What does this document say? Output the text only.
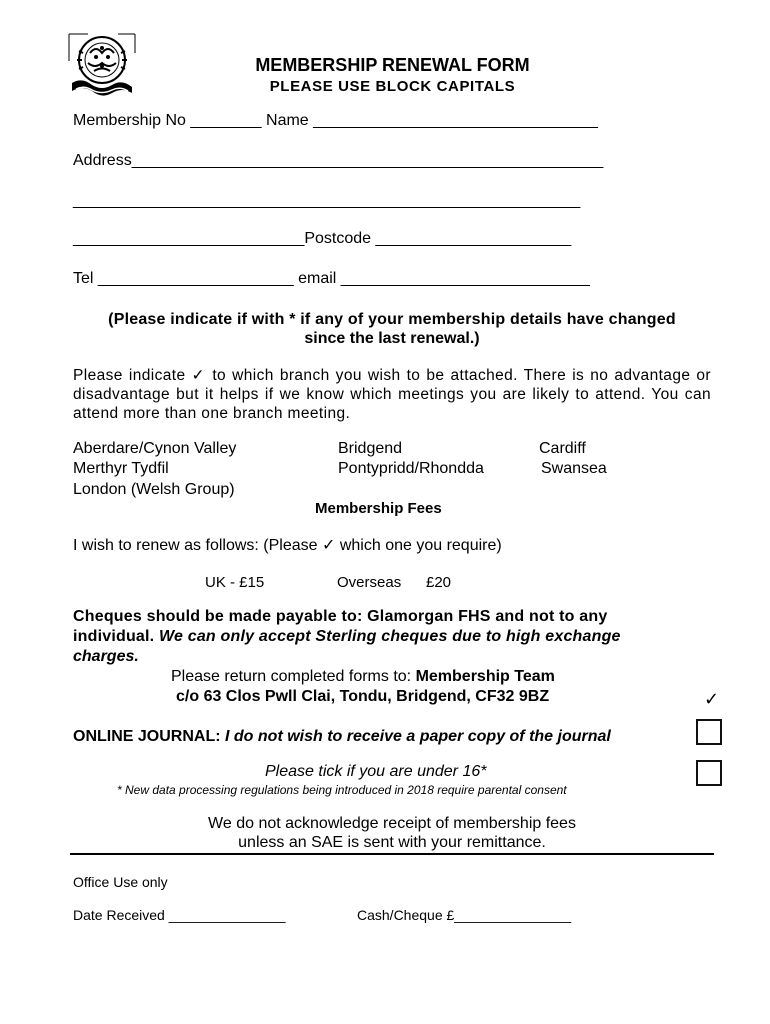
MEMBERSHIP RENEWAL FORM
PLEASE USE BLOCK CAPITALS
Membership No ________ Name ________________________________
Address_____________________________________________________
_________________________________________________________
__________________________Postcode ______________________
Tel ______________________ email ____________________________
(Please indicate if with * if any of your membership details have changed
since the last renewal.)
Please indicate ✓ to which branch you wish to be attached. There is no advantage or disadvantage but it helps if we know which meetings you are likely to attend. You can attend more than one branch meeting.
Aberdare/Cynon Valley	Bridgend	Cardiff
Merthyr Tydfil	Pontypridd/Rhondda	Swansea
London (Welsh Group)
Membership Fees
I wish to renew as follows: (Please ✓ which one you require)
UK - £15	Overseas £20
Cheques should be made payable to: Glamorgan FHS and not to any
individual. We can only accept Sterling cheques due to high exchange
charges.
Please return completed forms to: Membership Team
c/o 63 Clos Pwll Clai, Tondu, Bridgend, CF32 9BZ	✓
ONLINE JOURNAL: I do not wish to receive a paper copy of the journal
Please tick if you are under 16*
* New data processing regulations being introduced in 2018 require parental consent
We do not acknowledge receipt of membership fees
unless an SAE is sent with your remittance.
Office Use only
Date Received _______________	Cash/Cheque £_______________
